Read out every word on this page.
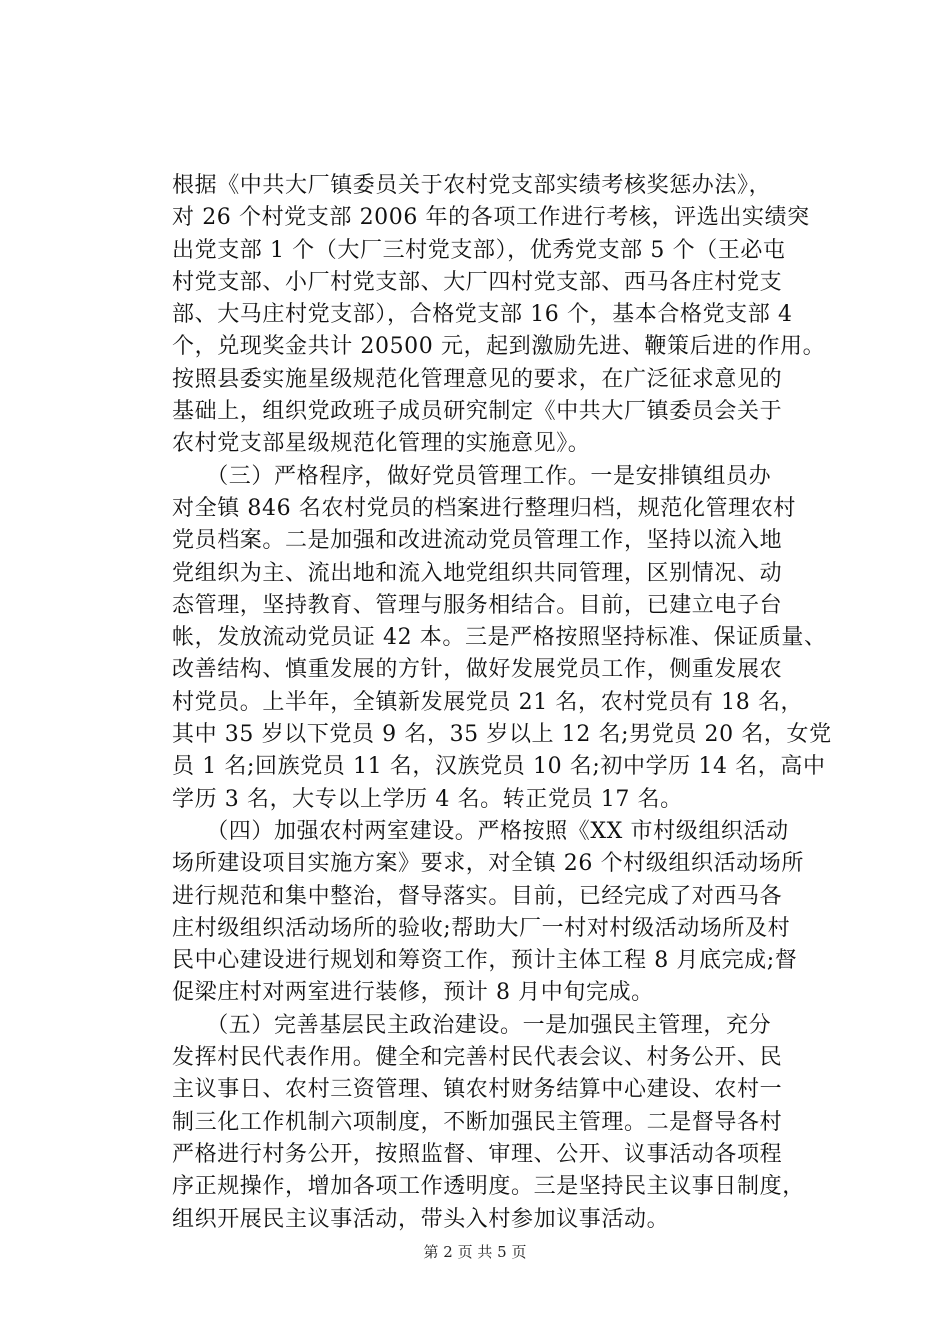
根据《中共大厂镇委员关于农村党支部实绩考核奖惩办法》，
对 26 个村党支部 2006 年的各项工作进行考核，评选出实绩突
出党支部 1 个（大厂三村党支部），优秀党支部 5 个（王必屯
村党支部、小厂村党支部、大厂四村党支部、西马各庄村党支
部、大马庄村党支部），合格党支部 16 个，基本合格党支部 4
个，兑现奖金共计 20500 元，起到激励先进、鞭策后进的作用。
按照县委实施星级规范化管理意见的要求，在广泛征求意见的
基础上，组织党政班子成员研究制定《中共大厂镇委员会关于
农村党支部星级规范化管理的实施意见》。
　　（三）严格程序，做好党员管理工作。一是安排镇组员办
对全镇 846 名农村党员的档案进行整理归档，规范化管理农村
党员档案。二是加强和改进流动党员管理工作，坚持以流入地
党组织为主、流出地和流入地党组织共同管理，区别情况、动
态管理，坚持教育、管理与服务相结合。目前，已建立电子台
帐，发放流动党员证 42 本。三是严格按照坚持标准、保证质量、
改善结构、慎重发展的方针，做好发展党员工作，侧重发展农
村党员。上半年，全镇新发展党员 21 名，农村党员有 18 名，
其中 35 岁以下党员 9 名，35 岁以上 12 名;男党员 20 名，女党
员 1 名;回族党员 11 名，汉族党员 10 名;初中学历 14 名，高中
学历 3 名，大专以上学历 4 名。转正党员 17 名。
　　（四）加强农村两室建设。严格按照《XX 市村级组织活动
场所建设项目实施方案》要求，对全镇 26 个村级组织活动场所
进行规范和集中整治，督导落实。目前，已经完成了对西马各
庄村级组织活动场所的验收;帮助大厂一村对村级活动场所及村
民中心建设进行规划和筹资工作，预计主体工程 8 月底完成;督
促梁庄村对两室进行装修，预计 8 月中旬完成。
　　（五）完善基层民主政治建设。一是加强民主管理，充分
发挥村民代表作用。健全和完善村民代表会议、村务公开、民
主议事日、农村三资管理、镇农村财务结算中心建设、农村一
制三化工作机制六项制度，不断加强民主管理。二是督导各村
严格进行村务公开，按照监督、审理、公开、议事活动各项程
序正规操作，增加各项工作透明度。三是坚持民主议事日制度，
组织开展民主议事活动，带头入村参加议事活动。
第 2 页 共 5 页
